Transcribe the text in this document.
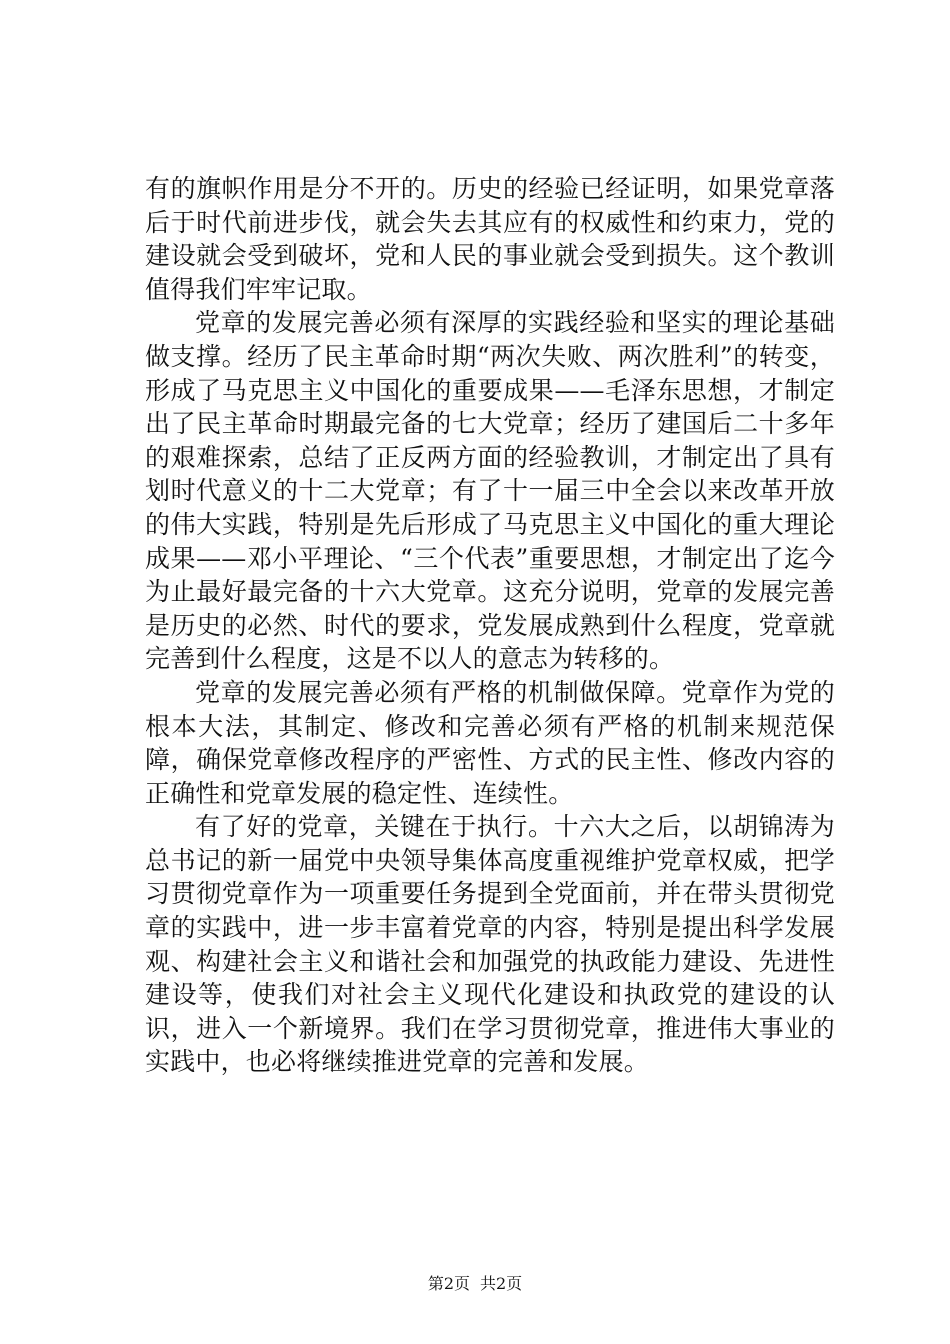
有的旗帜作用是分不开的。历史的经验已经证明，如果党章落后于时代前进步伐，就会失去其应有的权威性和约束力，党的建设就会受到破坏，党和人民的事业就会受到损失。这个教训值得我们牢牢记取。

党章的发展完善必须有深厚的实践经验和坚实的理论基础做支撑。经历了民主革命时期“两次失败、两次胜利”的转变，形成了马克思主义中国化的重要成果——毛泽东思想，才制定出了民主革命时期最完备的七大党章；经历了建国后二十多年的艰难探索，总结了正反两方面的经验教训，才制定出了具有划时代意义的十二大党章；有了十一届三中全会以来改革开放的伟大实践，特别是先后形成了马克思主义中国化的重大理论成果——邓小平理论、“三个代表”重要思想，才制定出了迄今为止最好最完备的十六大党章。这充分说明，党章的发展完善是历史的必然、时代的要求，党发展成熟到什么程度，党章就完善到什么程度，这是不以人的意志为转移的。

党章的发展完善必须有严格的机制做保障。党章作为党的根本大法，其制定、修改和完善必须有严格的机制来规范保障，确保党章修改程序的严密性、方式的民主性、修改内容的正确性和党章发展的稳定性、连续性。

有了好的党章，关键在于执行。十六大之后，以胡锦涛为总书记的新一届党中央领导集体高度重视维护党章权威，把学习贯彻党章作为一项重要任务提到全党面前，并在带头贯彻党章的实践中，进一步丰富着党章的内容，特别是提出科学发展观、构建社会主义和谐社会和加强党的执政能力建设、先进性建设等，使我们对社会主义现代化建设和执政党的建设的认识，进入一个新境界。我们在学习贯彻党章，推进伟大事业的实践中，也必将继续推进党章的完善和发展。

第2页 共2页
